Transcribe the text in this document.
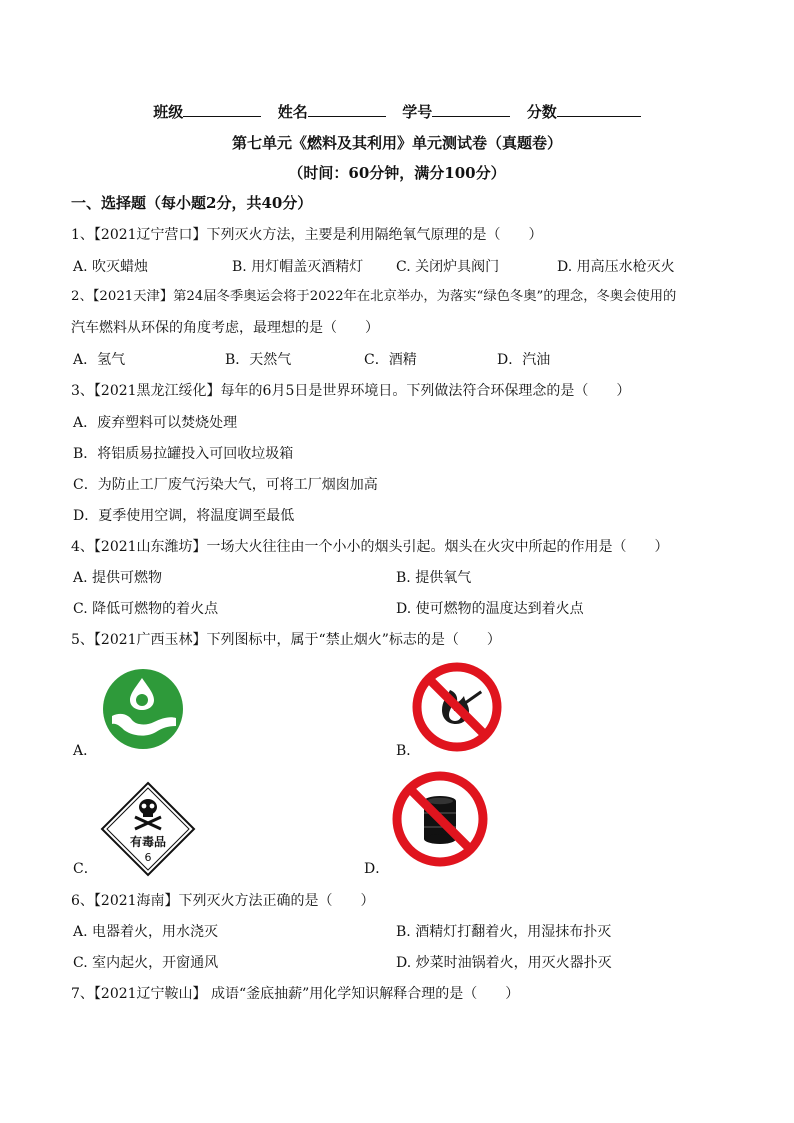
班级	姓名	学号	分数
第七单元《燃料及其利用》单元测试卷（真题卷）
（时间：60分钟，满分100分）
一、选择题（每小题2分，共40分）
1、【2021辽宁营口】下列灭火方法，主要是利用隔绝氧气原理的是（　　）
A. 吹灭蜡烛	B. 用灯帽盖灭酒精灯 C. 关闭炉具阀门	D. 用高压水枪灭火
2、【2021天津】第24届冬季奥运会将于2022年在北京举办，为落实“绿色冬奥”的理念，冬奥会使用的
汽车燃料从环保的角度考虑，最理想的是（　　）
A．氢气	B．天然气	C．酒精	D．汽油
3、【2021黑龙江绥化】每年的6月5日是世界环境日。下列做法符合环保理念的是（　　）
A．废弃塑料可以焚烧处理
B．将铝质易拉罐投入可回收垃圾箱
C．为防止工厂废气污染大气，可将工厂烟囱加高
D．夏季使用空调，将温度调至最低
4、【2021山东潍坊】一场大火往往由一个小小的烟头引起。烟头在火灾中所起的作用是（　　）
A. 提供可燃物	B. 提供氧气
C. 降低可燃物的着火点	D. 使可燃物的温度达到着火点
5、【2021广西玉林】下列图标中，属于“禁止烟火”标志的是（　　）
A．	B．
有毒品
6
C．	D．
6、【2021海南】下列灭火方法正确的是（　　）
A. 电器着火，用水浇灭	B. 酒精灯打翻着火，用湿抹布扑灭
C. 室内起火，开窗通风	D. 炒菜时油锅着火，用灭火器扑灭
7、【2021辽宁鞍山】 成语“釜底抽薪”用化学知识解释合理的是（　　）
